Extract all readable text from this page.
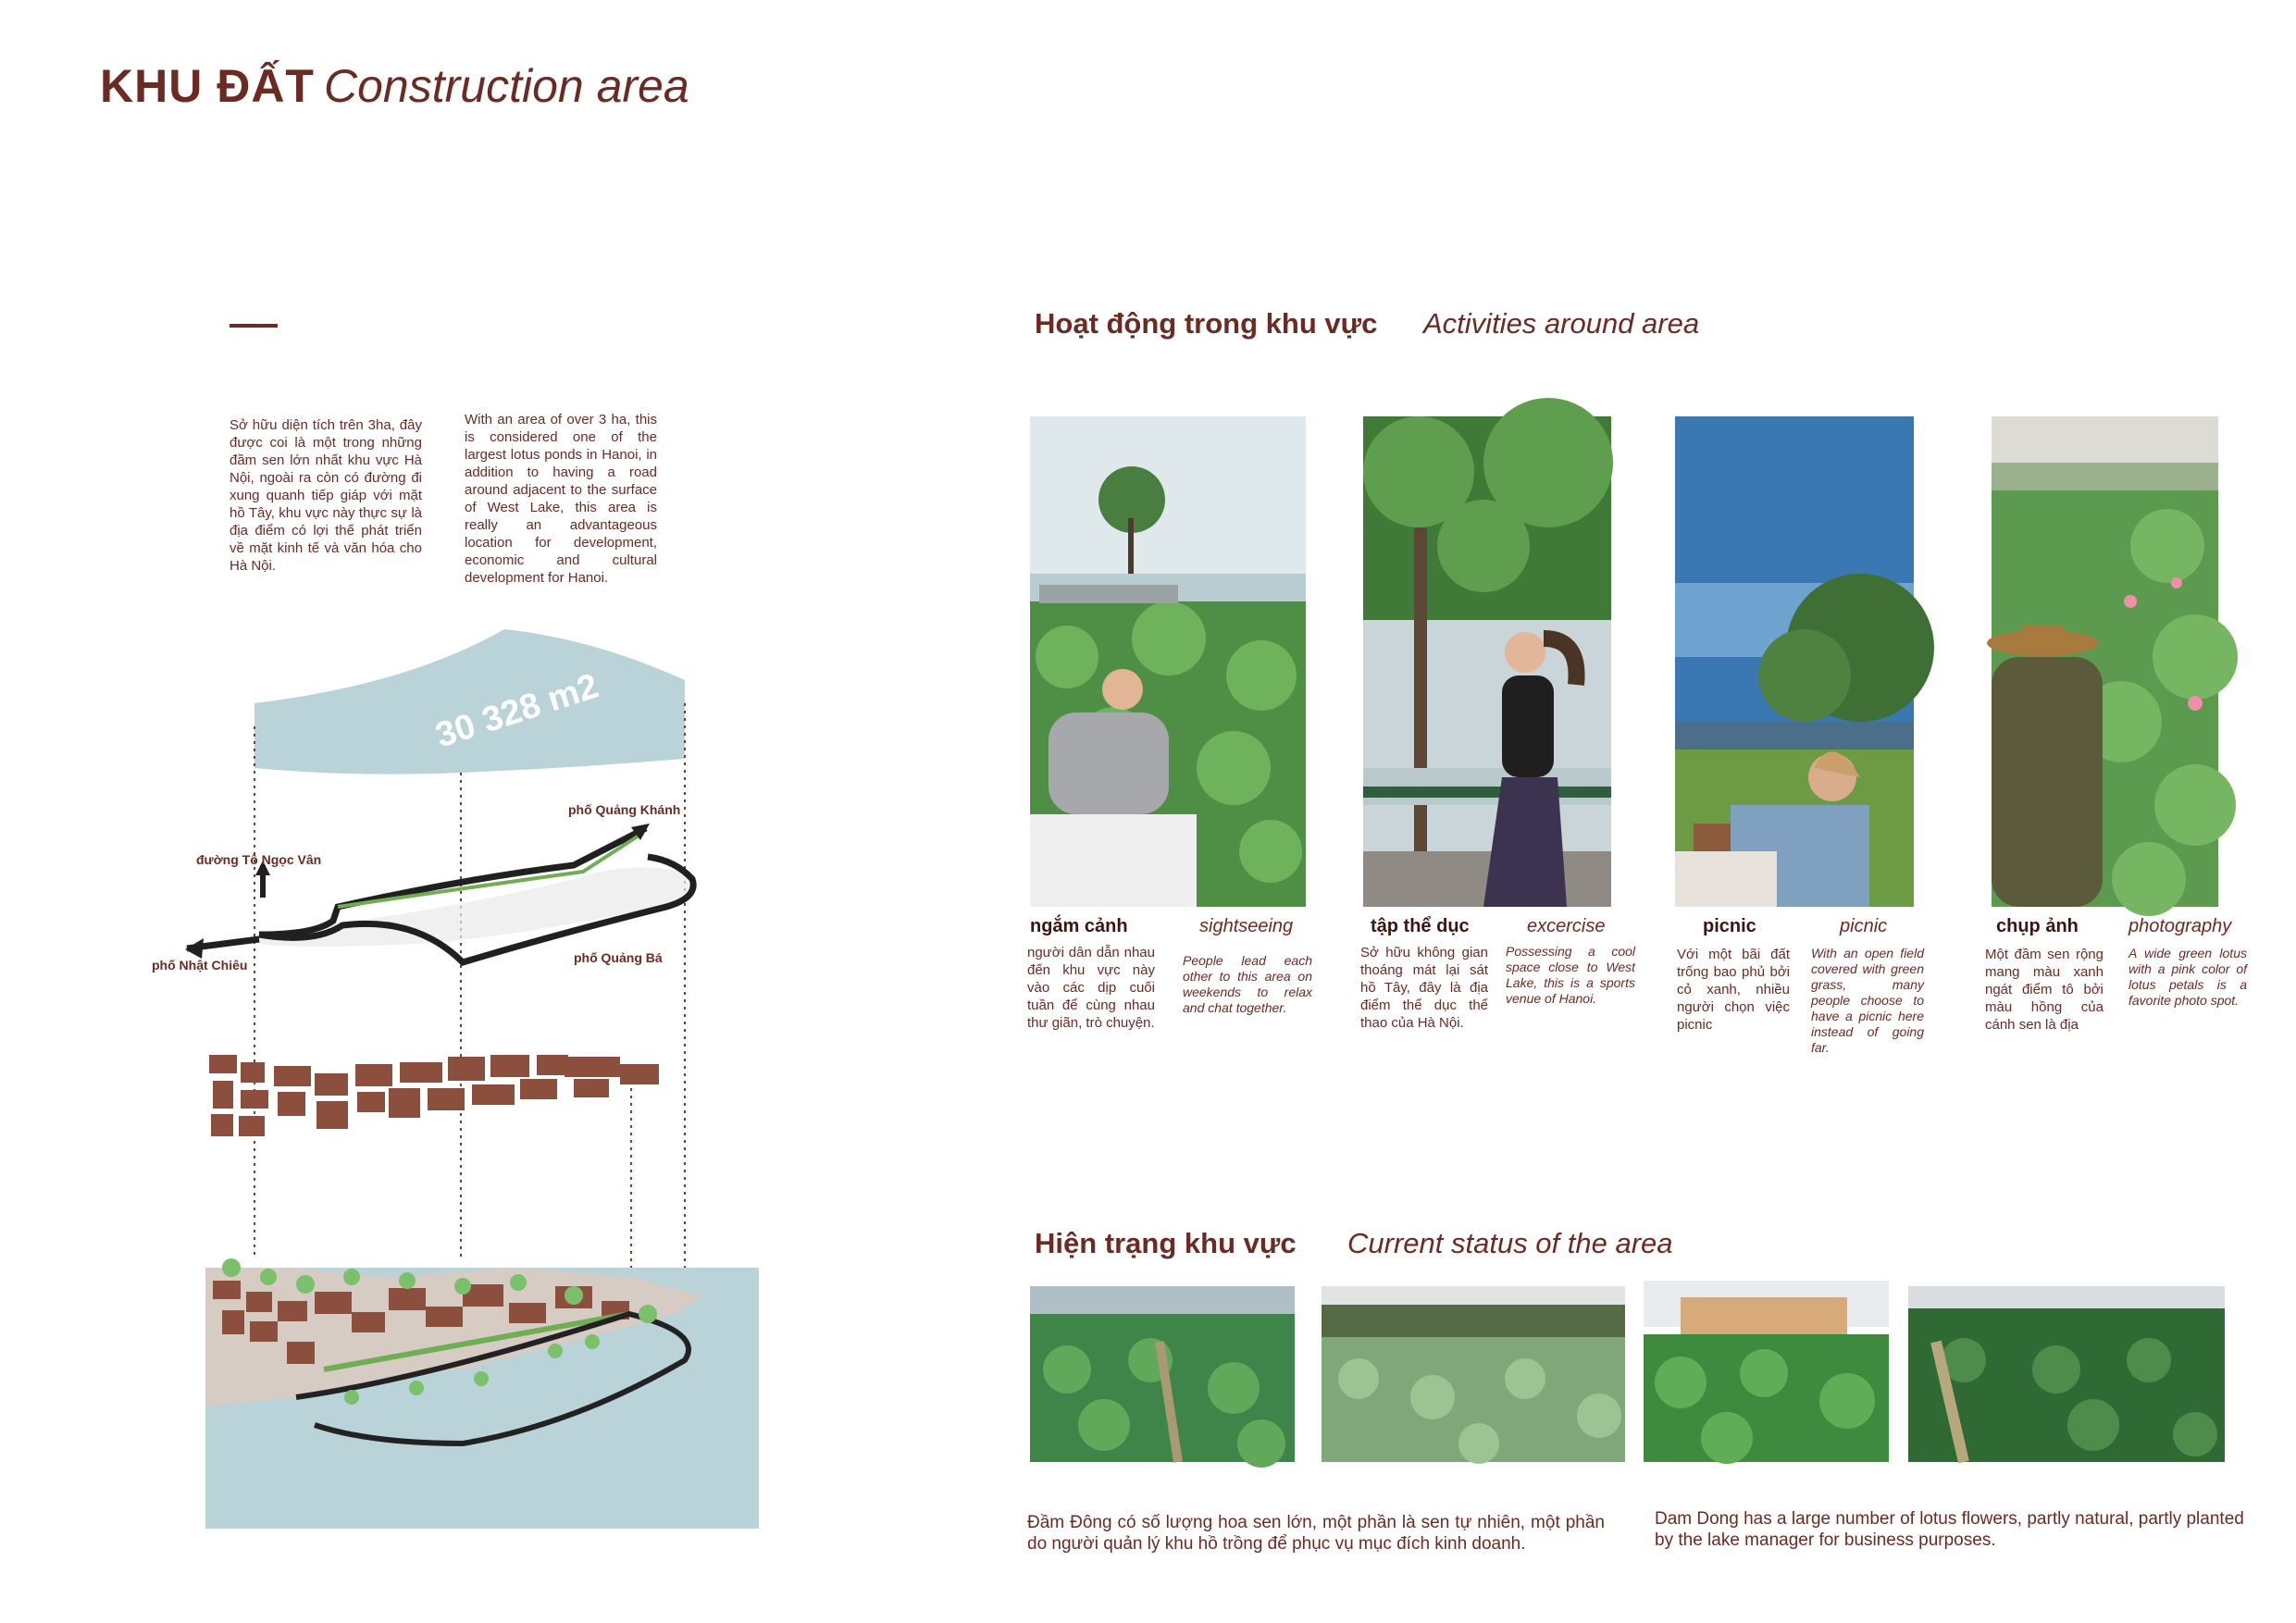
KHU ĐẤT Construction area
Sở hữu diện tích trên 3ha, đây được coi là một trong những đầm sen lớn nhất khu vực Hà Nội, ngoài ra còn có đường đi xung quanh tiếp giáp với mặt hồ Tây, khu vực này thực sự là địa điểm có lợi thế phát triển về mặt kinh tế và văn hóa cho Hà Nội.
With an area of over 3 ha, this is considered one of the largest lotus ponds in Hanoi, in addition to having a road around adjacent to the surface of West Lake, this area is really an advantageous location for development, economic and cultural development for Hanoi.
30 328 m2
phố Quảng Khánh
đường Tô Ngọc Vân
phố Nhật Chiêu	phố Quảng Bá
Hoạt động trong khu vực Activities around area
ngắm cảnh	sightseeing
người dân dẫn nhau đến khu vực này vào các dịp cuối tuần để cùng nhau thư giãn, trò chuyện.
People lead each other to this area on weekends to relax and chat together.
tập thể dục	excercise
Sở hữu không gian thoáng mát lại sát hồ Tây, đây là địa điểm thể dục thể thao của Hà Nội.
Possessing a cool space close to West Lake, this is a sports venue of Hanoi.
picnic	picnic
Với một bãi đất trống bao phủ bởi cỏ xanh, nhiều người chọn việc picnic
With an open field covered with green grass, many people choose to have a picnic here instead of going far.
chụp ảnh	photography
Một đầm sen rộng mang màu xanh ngát điểm tô bởi màu hồng của cánh sen là địa
A wide green lotus with a pink color of lotus petals is a favorite photo spot.
Hiện trạng khu vực Current status of the area
Đầm Đông có số lượng hoa sen lớn, một phần là sen tự nhiên, một phần do người quản lý khu hồ trồng để phục vụ mục đích kinh doanh.
Dam Dong has a large number of lotus flowers, partly natural, partly planted by the lake manager for business purposes.
